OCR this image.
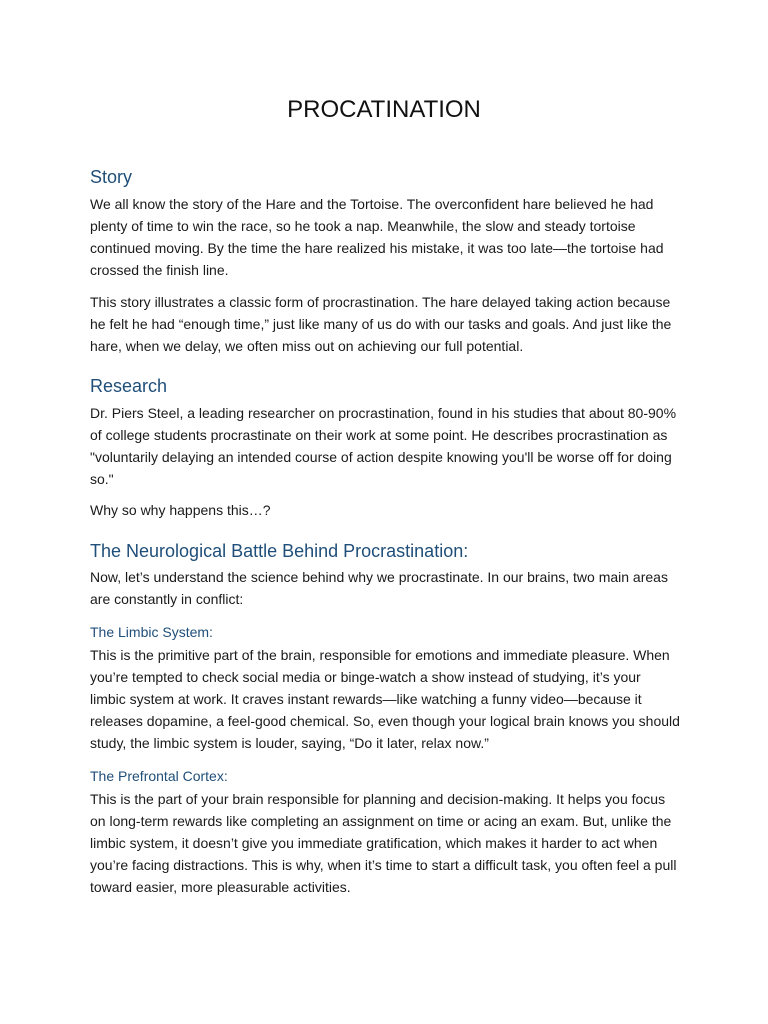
PROCATINATION
Story

We all know the story of the Hare and the Tortoise. The overconfident hare believed he had plenty of time to win the race, so he took a nap. Meanwhile, the slow and steady tortoise continued moving. By the time the hare realized his mistake, it was too late—the tortoise had crossed the finish line.

This story illustrates a classic form of procrastination. The hare delayed taking action because he felt he had “enough time,” just like many of us do with our tasks and goals. And just like the hare, when we delay, we often miss out on achieving our full potential.

Research

Dr. Piers Steel, a leading researcher on procrastination, found in his studies that about 80-90% of college students procrastinate on their work at some point. He describes procrastination as "voluntarily delaying an intended course of action despite knowing you'll be worse off for doing so."

Why so why happens this…?

The Neurological Battle Behind Procrastination:

Now, let’s understand the science behind why we procrastinate. In our brains, two main areas are constantly in conflict:

The Limbic System:

This is the primitive part of the brain, responsible for emotions and immediate pleasure. When you’re tempted to check social media or binge-watch a show instead of studying, it’s your limbic system at work. It craves instant rewards—like watching a funny video—because it releases dopamine, a feel-good chemical. So, even though your logical brain knows you should study, the limbic system is louder, saying, “Do it later, relax now.”

The Prefrontal Cortex:

This is the part of your brain responsible for planning and decision-making. It helps you focus on long-term rewards like completing an assignment on time or acing an exam. But, unlike the limbic system, it doesn’t give you immediate gratification, which makes it harder to act when you’re facing distractions. This is why, when it’s time to start a difficult task, you often feel a pull toward easier, more pleasurable activities.
